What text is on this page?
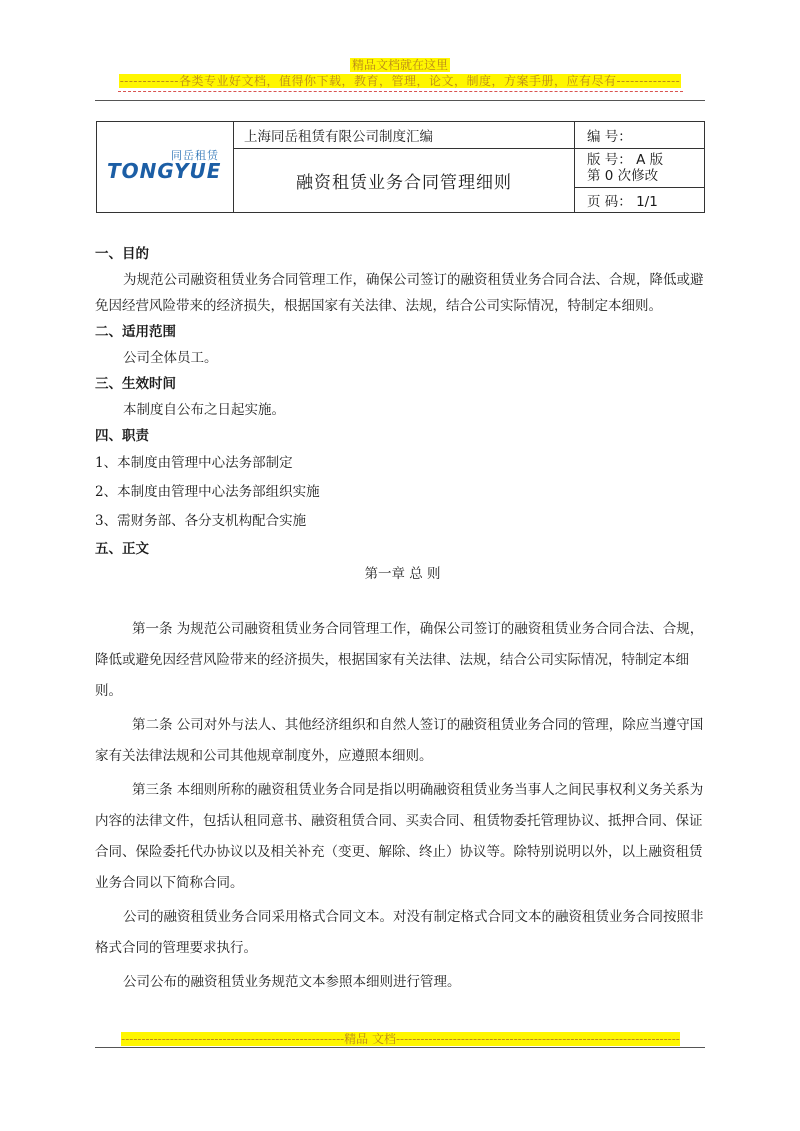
精品文档就在这里
-------------各类专业好文档，值得你下载，教育，管理，论文，制度，方案手册，应有尽有--------------
同岳租赁
TONGYUE	上海同岳租赁有限公司制度汇编	编 号：
	融资租赁业务合同管理细则	版 号： A 版
第 0 次修改

		页 码： 1/1
一、目的
为规范公司融资租赁业务合同管理工作，确保公司签订的融资租赁业务合同合法、合规，降低或避免因经营风险带来的经济损失，根据国家有关法律、法规，结合公司实际情况，特制定本细则。
二、适用范围
公司全体员工。
三、生效时间
本制度自公布之日起实施。
四、职责
1、本制度由管理中心法务部制定
2、本制度由管理中心法务部组织实施
3、需财务部、各分支机构配合实施
五、正文
第一章 总 则
第一条 为规范公司融资租赁业务合同管理工作，确保公司签订的融资租赁业务合同合法、合规，降低或避免因经营风险带来的经济损失，根据国家有关法律、法规，结合公司实际情况，特制定本细则。
第二条 公司对外与法人、其他经济组织和自然人签订的融资租赁业务合同的管理，除应当遵守国家有关法律法规和公司其他规章制度外，应遵照本细则。
第三条 本细则所称的融资租赁业务合同是指以明确融资租赁业务当事人之间民事权利义务关系为内容的法律文件，包括认租同意书、融资租赁合同、买卖合同、租赁物委托管理协议、抵押合同、保证合同、保险委托代办协议以及相关补充（变更、解除、终止）协议等。除特别说明以外，以上融资租赁业务合同以下简称合同。
公司的融资租赁业务合同采用格式合同文本。对没有制定格式合同文本的融资租赁业务合同按照非格式合同的管理要求执行。
公司公布的融资租赁业务规范文本参照本细则进行管理。
-------------------------------------------------------精品 文档----------------------------------------------------------------------
